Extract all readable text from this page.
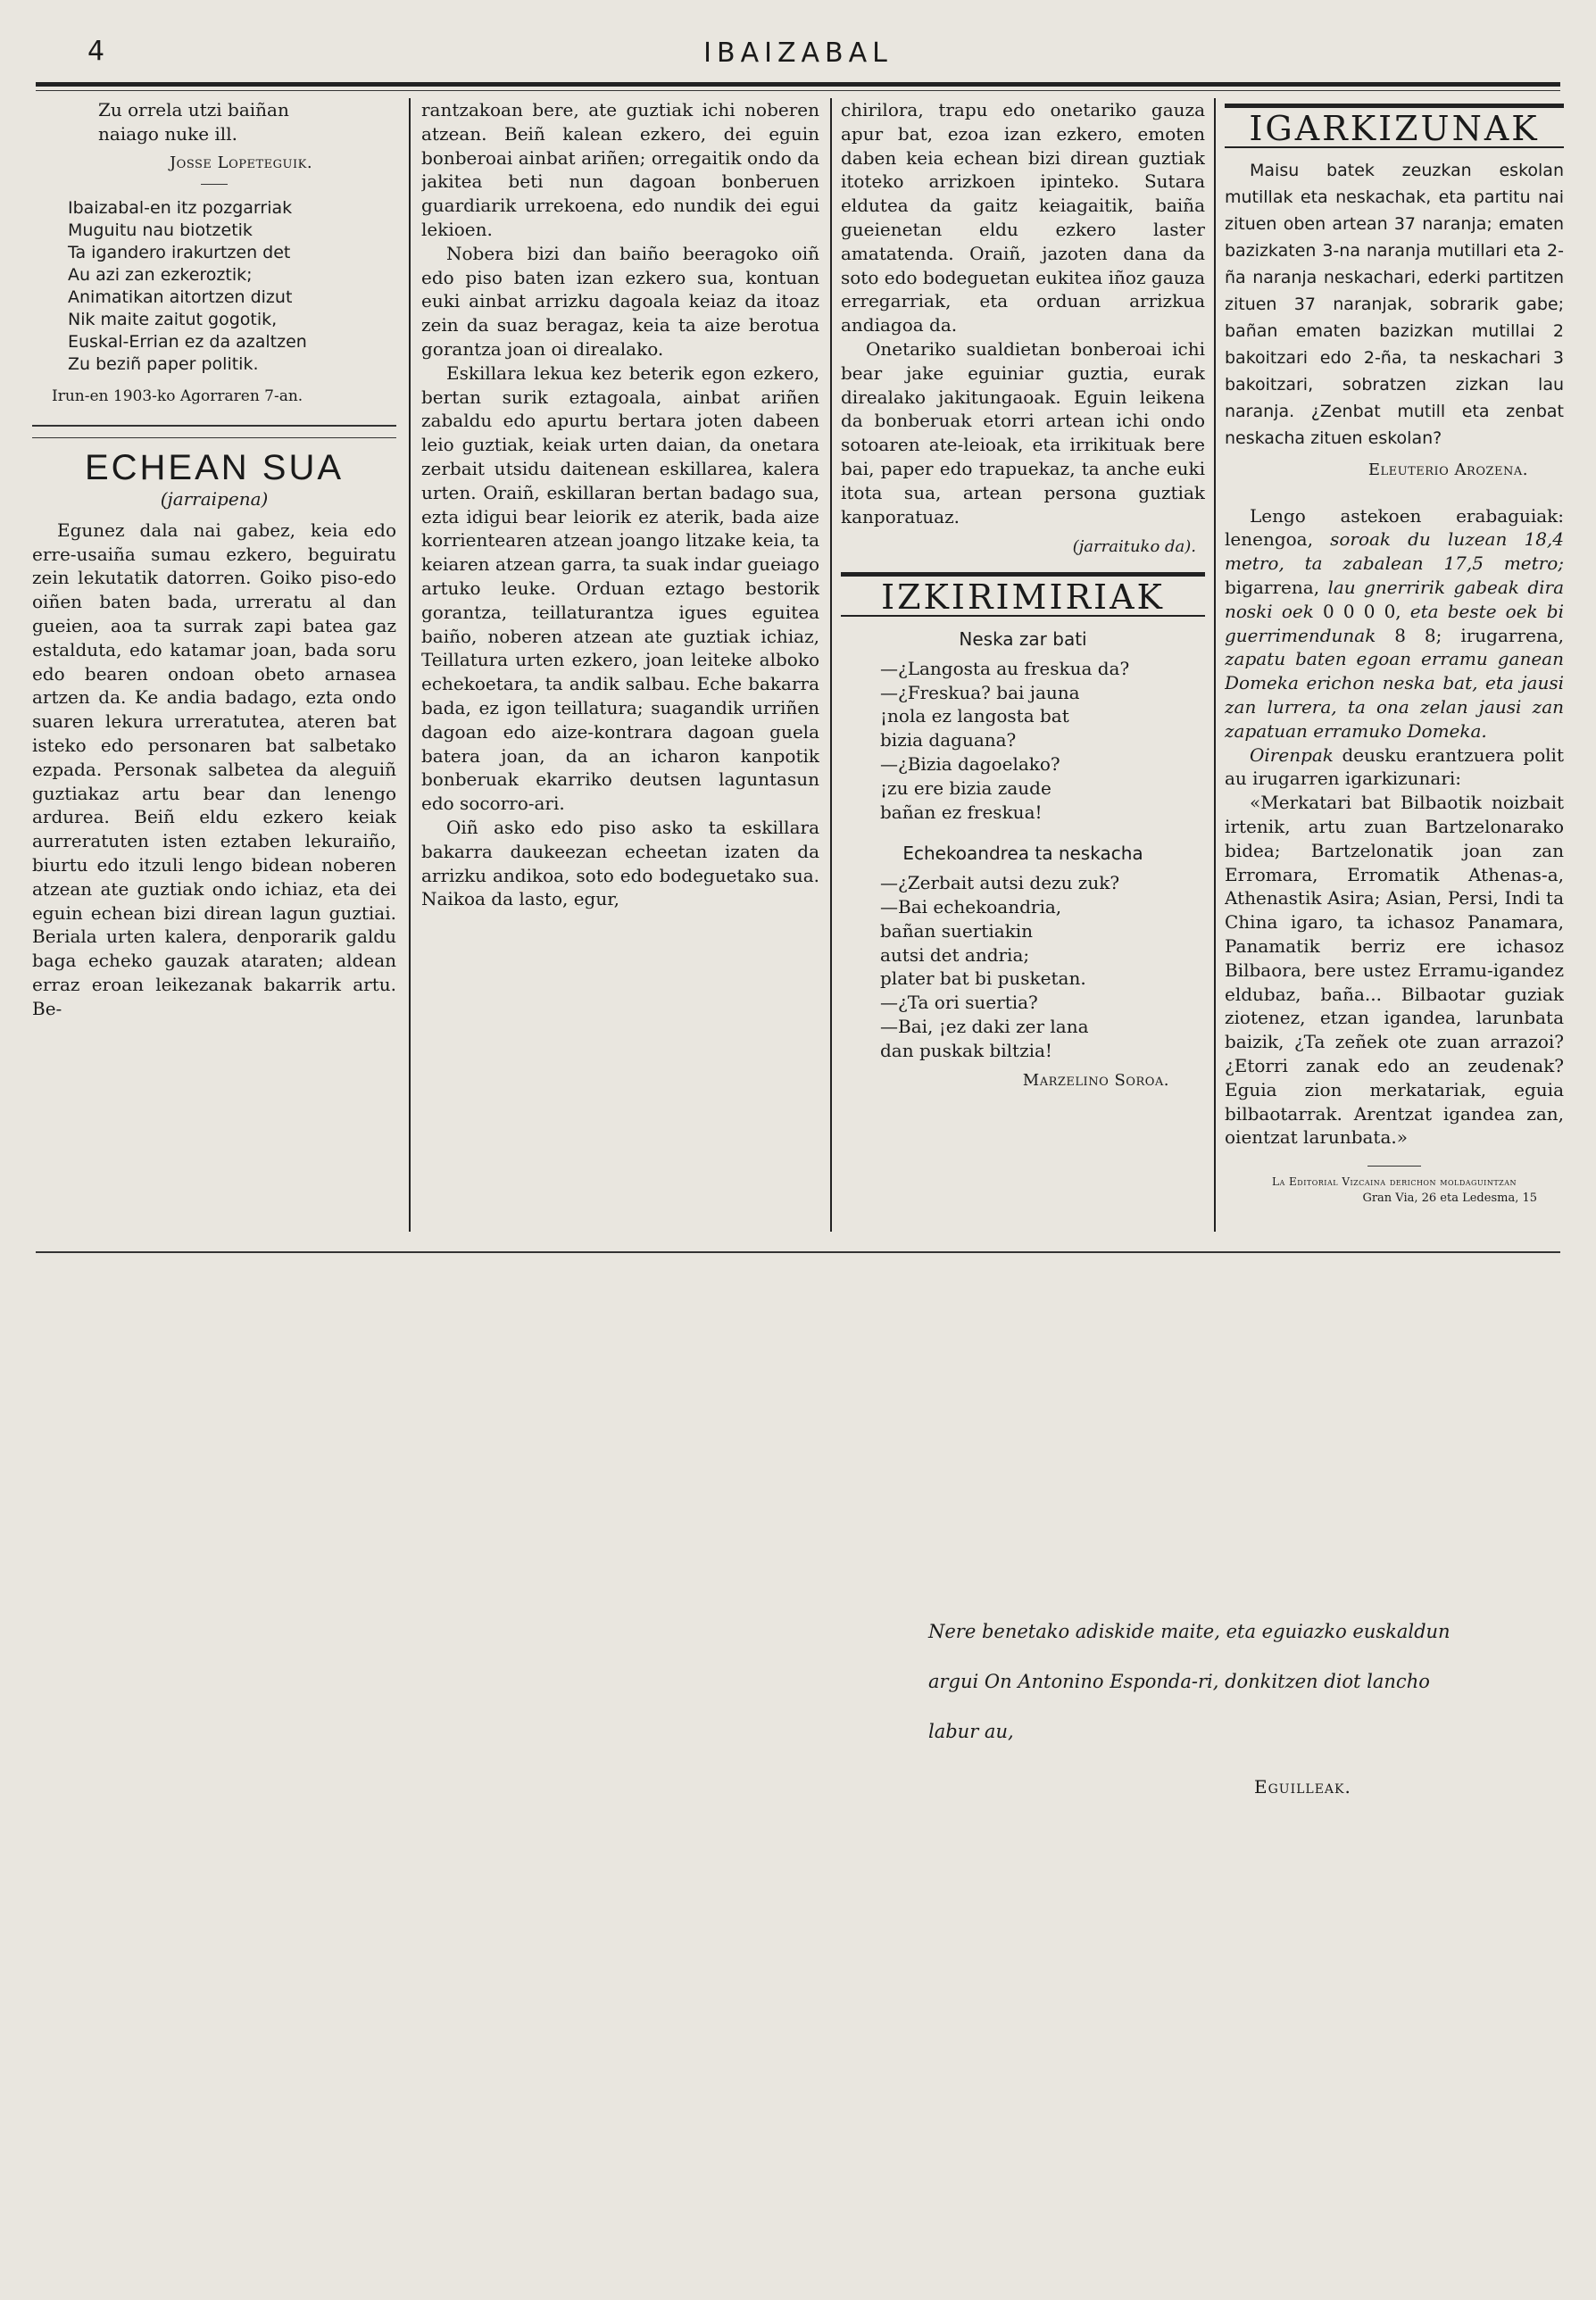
4	IBAIZABAL
Zu orrela utzi baiñan
naiago nuke ill.
Josse Lopeteguik.
Ibaizabal-en itz pozgarriak
Muguitu nau biotzetik
Ta igandero irakurtzen det
Au azi zan ezkeroztik;
Animatikan aitortzen dizut
Nik maite zaitut gogotik,
Euskal-Errian ez da azaltzen
Zu beziñ paper politik.
Irun-en 1903-ko Agorraren 7-an.
ECHEAN SUA
(jarraipena)

Egunez dala nai gabez, keia edo erre-usaiña sumau ezkero, beguiratu zein lekutatik datorren. Goiko piso-edo oiñen baten bada, urreratu al dan gueien, aoa ta surrak zapi batea gaz estalduta, edo katamar joan, bada soru edo bearen ondoan obeto arnasea artzen da. Ke andia badago, ezta ondo suaren lekura urreratutea, ateren bat isteko edo personaren bat salbetako ezpada. Personak salbetea da aleguiñ guztiakaz artu bear dan lenengo ardurea. Beiñ eldu ezkero keiak aurreratuten isten eztaben lekuraiño, biurtu edo itzuli lengo bidean noberen atzean ate guztiak ondo ichiaz, eta dei eguin echean bizi direan lagun guztiai. Beriala urten kalera, denporarik galdu baga echeko gauzak ataraten; aldean erraz eroan leikezanak bakarrik artu. Be-

rantzakoan bere, ate guztiak ichi noberen atzean. Beiñ kalean ezkero, dei eguin bonberoai ainbat ariñen; orregaitik ondo da jakitea beti nun dagoan bonberuen guardiarik urrekoena, edo nundik dei egui lekioen.

Nobera bizi dan baiño beeragoko oiñ edo piso baten izan ezkero sua, kontuan euki ainbat arrizku dagoala keiaz da itoaz zein da suaz beragaz, keia ta aize berotua gorantza joan oi direalako.

Eskillara lekua kez beterik egon ezkero, bertan surik eztagoala, ainbat ariñen zabaldu edo apurtu bertara joten dabeen leio guztiak, keiak urten daian, da onetara zerbait utsidu daitenean eskillarea, kalera urten. Oraiñ, eskillaran bertan badago sua, ezta idigui bear leiorik ez aterik, bada aize korrientearen atzean joango litzake keia, ta keiaren atzean garra, ta suak indar gueiago artuko leuke. Orduan eztago bestorik gorantza, teillaturantza igues eguitea baiño, noberen atzean ate guztiak ichiaz, Teillatura urten ezkero, joan leiteke alboko echekoetara, ta andik salbau. Eche bakarra bada, ez igon teillatura; suagandik urriñen dagoan edo aize-kontrara dagoan guela batera joan, da an icharon kanpotik bonberuak ekarriko deutsen laguntasun edo socorro-ari.

Oiñ asko edo piso asko ta eskillara bakarra daukeezan echeetan izaten da arrizku andikoa, soto edo bodeguetako sua. Naikoa da lasto, egur,

chirilora, trapu edo onetariko gauza apur bat, ezoa izan ezkero, emoten daben keia echean bizi direan guztiak itoteko arrizkoen ipinteko. Sutara eldutea da gaitz keiagaitik, baiña gueienetan eldu ezkero laster amatatenda. Oraiñ, jazoten dana da soto edo bodeguetan eukitea iñoz gauza erregarriak, eta orduan arrizkua andiagoa da.

Onetariko sualdietan bonberoai ichi bear jake eguiniar guztia, eurak direalako jakitungaoak. Eguin leikena da bonberuak etorri artean ichi ondo sotoaren ate-leioak, eta irrikituak bere bai, paper edo trapuekaz, ta anche euki itota sua, artean persona guztiak kanporatuaz.

(jarraituko da).
IZKIRIMIRIAK
Neska zar bati
—¿Langosta au freskua da?
—¿Freskua? bai jauna
¡nola ez langosta bat
bizia daguana?
—¿Bizia dagoelako?
¡zu ere bizia zaude
bañan ez freskua!
Echekoandrea ta neskacha
—¿Zerbait autsi dezu zuk?
—Bai echekoandria,
bañan suertiakin
autsi det andria;
plater bat bi pusketan.
—¿Ta ori suertia?
—Bai, ¡ez daki zer lana
dan puskak biltzia!
Marzelino Soroa.
IGARKIZUNAK

Maisu batek zeuzkan eskolan mutillak eta neskachak, eta partitu nai zituen oben artean 37 naranja; ematen bazizkaten 3-na naranja mutillari eta 2-ña naranja neskachari, ederki partitzen zituen 37 naranjak, sobrarik gabe; bañan ematen bazizkan mutillai 2 bakoitzari edo 2-ña, ta neskachari 3 bakoitzari, sobratzen zizkan lau naranja. ¿Zenbat mutill eta zenbat neskacha zituen eskolan?

Eleuterio Arozena.

Lengo astekoen erabaguiak: lenengoa, soroak du luzean 18,4 metro, ta zabalean 17,5 metro; bigarrena, lau gnerririk gabeak dira noski oek 0 0 0 0, eta beste oek bi guerrimendunak 8 8; irugarrena, zapatu baten egoan erramu ganean Domeka erichon neska bat, eta jausi zan lurrera, ta ona zelan jausi zan zapatuan erramuko Domeka.

Oirenpak deusku erantzuera polit au irugarren igarkizunari:

«Merkatari bat Bilbaotik noizbait irtenik, artu zuan Bartzelonarako bidea; Bartzelonatik joan zan Erromara, Erromatik Athenas-a, Athenastik Asira; Asian, Persi, Indi ta China igaro, ta ichasoz Panamara, Panamatik berriz ere ichasoz Bilbaora, bere ustez Erramu-igandez eldubaz, baña... Bilbaotar guziak ziotenez, etzan igandea, larunbata baizik, ¿Ta zeñek ote zuan arrazoi? ¿Etorri zanak edo an zeudenak? Eguia zion merkatariak, eguia bilbaotarrak. Arentzat igandea zan, oientzat larunbata.»

La Editorial Vizcaina derichon moldaguintzan
Gran Via, 26 eta Ledesma, 15
Nere benetako adiskide maite, eta eguiazko euskaldun argui On Antonino Esponda-ri, donkitzen diot lancho labur au,
Eguilleak.
